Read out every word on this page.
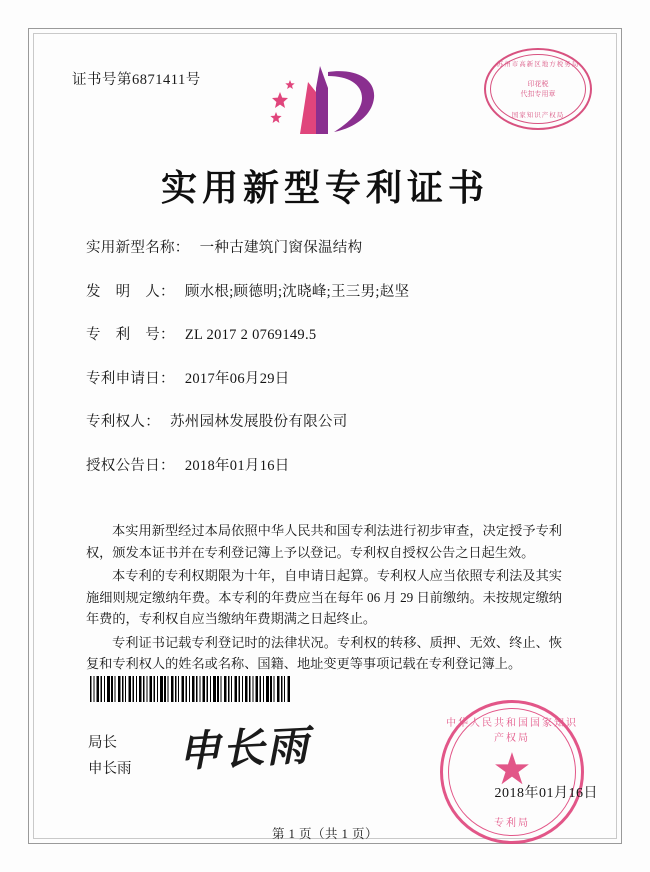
证书号第6871411号
苏州市高新区地方税务局
印花税
代扣专用章
国家知识产权局
实用新型专利证书
实用新型名称： 一种古建筑门窗保温结构
发　明　人： 顾水根;顾德明;沈晓峰;王三男;赵坚
专　利　号： ZL 2017 2 0769149.5
专利申请日： 2017年06月29日
专利权人： 苏州园林发展股份有限公司
授权公告日： 2018年01月16日

本实用新型经过本局依照中华人民共和国专利法进行初步审查，决定授予专利权，颁发本证书并在专利登记簿上予以登记。专利权自授权公告之日起生效。

本专利的专利权期限为十年，自申请日起算。专利权人应当依照专利法及其实施细则规定缴纳年费。本专利的年费应当在每年 06 月 29 日前缴纳。未按规定缴纳年费的，专利权自应当缴纳年费期满之日起终止。

专利证书记载专利登记时的法律状况。专利权的转移、质押、无效、终止、恢复和专利权人的姓名或名称、国籍、地址变更等事项记载在专利登记簿上。

局长
申长雨 申长雨
中华人民共和国国家知识产权局
★
专利局
2018年01月16日
第 1 页（共 1 页）
